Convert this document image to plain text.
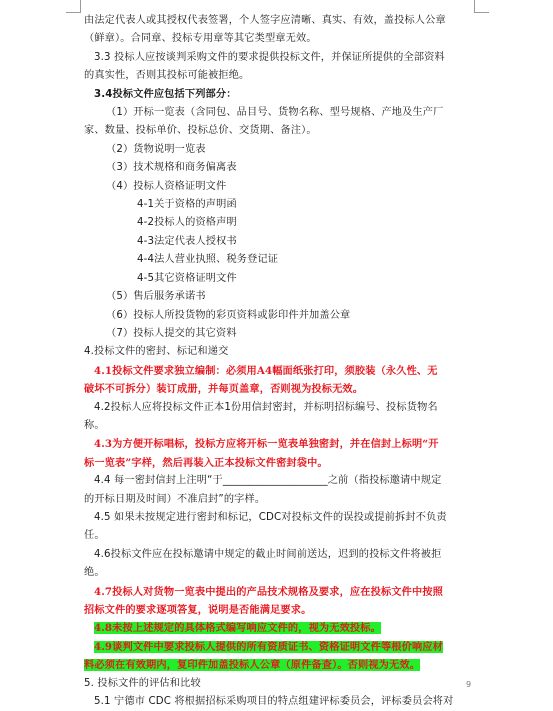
由法定代表人或其授权代表签署，个人签字应清晰、真实、有效，盖投标人公章
（鲜章）。合同章、投标专用章等其它类型章无效。
3.3 投标人应按谈判采购文件的要求提供投标文件，并保证所提供的全部资料
的真实性，否则其投标可能被拒绝。
3.4投标文件应包括下列部分：
（1）开标一览表（含同包、品目号、货物名称、型号规格、产地及生产厂
家、数量、投标单价、投标总价、交货期、备注）。
（2）货物说明一览表
（3）技术规格和商务偏离表
（4）投标人资格证明文件
4-1关于资格的声明函
4-2投标人的资格声明
4-3法定代表人授权书
4-4法人营业执照、税务登记证
4-5其它资格证明文件
（5）售后服务承诺书
（6）投标人所投货物的彩页资料或影印件并加盖公章
（7）投标人提交的其它资料
4.投标文件的密封、标记和递交
4.1投标文件要求独立编制：必须用A4幅面纸张打印，须胶装（永久性、无
破坏不可拆分）装订成册，并每页盖章，否则视为投标无效。
4.2投标人应将投标文件正本1份用信封密封，并标明招标编号、投标货物名
称。
4.3为方便开标唱标，投标方应将开标一览表单独密封，并在信封上标明“开
标一览表”字样，然后再装入正本投标文件密封袋中。
4.4 每一密封信封上注明“于____________________之前（指投标邀请中规定
的开标日期及时间）不准启封”的字样。
4.5 如果未按规定进行密封和标记，CDC对投标文件的误投或提前拆封不负责
任。
4.6投标文件应在投标邀请中规定的截止时间前送达，迟到的投标文件将被拒
绝。
4.7投标人对货物一览表中提出的产品技术规格及要求，应在投标文件中按照
招标文件的要求逐项答复，说明是否能满足要求。
4.8未按上述规定的具体格式编写响应文件的，视为无效投标。
4.9谈判文件中要求投标人提供的所有资质证书、资格证明文件等根价响应材
料必须在有效期内，复印件加盖投标人公章（原件备查）。否则视为无效。
5. 投标文件的评估和比较
5.1 宁德市 CDC 将根据招标采购项目的特点组建评标委员会，评标委员会将对
9
